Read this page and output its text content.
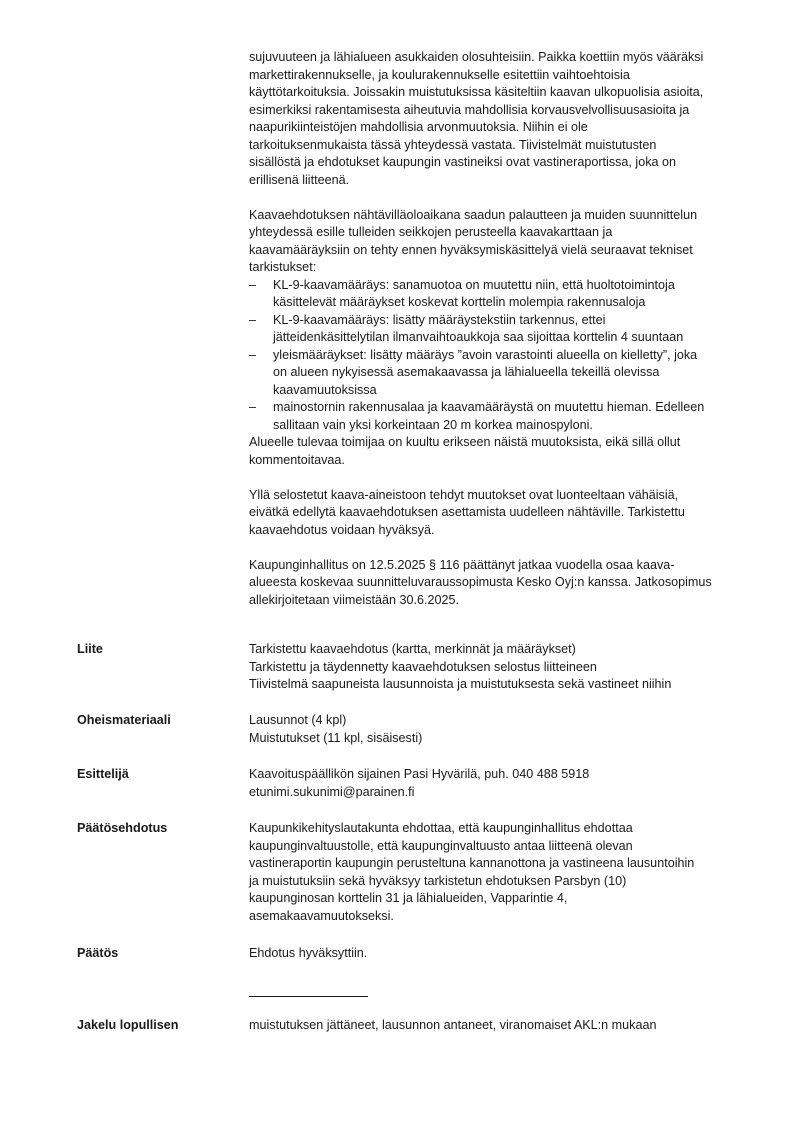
sujuvuuteen ja lähialueen asukkaiden olosuhteisiin. Paikka koettiin myös vääräksi
markettirakennukselle, ja koulurakennukselle esitettiin vaihtoehtoisia
käyttötarkoituksia. Joissakin muistutuksissa käsiteltiin kaavan ulkopuolisia asioita,
esimerkiksi rakentamisesta aiheutuvia mahdollisia korvausvelvollisuusasioita ja
naapurikiinteistöjen mahdollisia arvonmuutoksia. Niihin ei ole
tarkoituksenmukaista tässä yhteydessä vastata. Tiivistelmät muistutusten
sisällöstä ja ehdotukset kaupungin vastineiksi ovat vastineraportissa, joka on
erillisenä liitteenä.

Kaavaehdotuksen nähtävilläoloaikana saadun palautteen ja muiden suunnittelun
yhteydessä esille tulleiden seikkojen perusteella kaavakarttaan ja
kaavamääräyksiin on tehty ennen hyväksymiskäsittelyä vielä seuraavat tekniset
tarkistukset:

– KL-9-kaavamääräys: sanamuotoa on muutettu niin, että huoltotoimintoja
käsittelevät määräykset koskevat korttelin molempia rakennusaloja
– KL-9-kaavamääräys: lisätty määräystekstiin tarkennus, ettei
jätteidenkäsittelytilan ilmanvaihtoaukkoja saa sijoittaa korttelin 4 suuntaan
– yleismääräykset: lisätty määräys ”avoin varastointi alueella on kielletty”, joka
on alueen nykyisessä asemakaavassa ja lähialueella tekeillä olevissa
kaavamuutoksissa
– mainostornin rakennusalaa ja kaavamääräystä on muutettu hieman. Edelleen
sallitaan vain yksi korkeintaan 20 m korkea mainospyloni.

Alueelle tulevaa toimijaa on kuultu erikseen näistä muutoksista, eikä sillä ollut
kommentoitavaa.

Yllä selostetut kaava-aineistoon tehdyt muutokset ovat luonteeltaan vähäisiä,
eivätkä edellytä kaavaehdotuksen asettamista uudelleen nähtäville. Tarkistettu
kaavaehdotus voidaan hyväksyä.

Kaupunginhallitus on 12.5.2025 § 116 päättänyt jatkaa vuodella osaa kaava-
alueesta koskevaa suunnitteluvaraussopimusta Kesko Oyj:n kanssa. Jatkosopimus
allekirjoitetaan viimeistään 30.6.2025.

Liite	Tarkistettu kaavaehdotus (kartta, merkinnät ja määräykset)
Tarkistettu ja täydennetty kaavaehdotuksen selostus liitteineen
Tiivistelmä saapuneista lausunnoista ja muistutuksesta sekä vastineet niihin

Oheismateriaali	Lausunnot (4 kpl)
Muistutukset (11 kpl, sisäisesti)

Esittelijä	Kaavoituspäällikön sijainen Pasi Hyvärilä, puh. 040 488 5918
etunimi.sukunimi@parainen.fi

Päätösehdotus	Kaupunkikehityslautakunta ehdottaa, että kaupunginhallitus ehdottaa
kaupunginvaltuustolle, että kaupunginvaltuusto antaa liitteenä olevan
vastineraportin kaupungin perusteltuna kannanottona ja vastineena lausuntoihin
ja muistutuksiin sekä hyväksyy tarkistetun ehdotuksen Parsbyn (10)
kaupunginosan korttelin 31 ja lähialueiden, Vapparintie 4,
asemakaavamuutokseksi.

Päätös	Ehdotus hyväksyttiin.

Jakelu lopullisen	muistutuksen jättäneet, lausunnon antaneet, viranomaiset AKL:n mukaan
